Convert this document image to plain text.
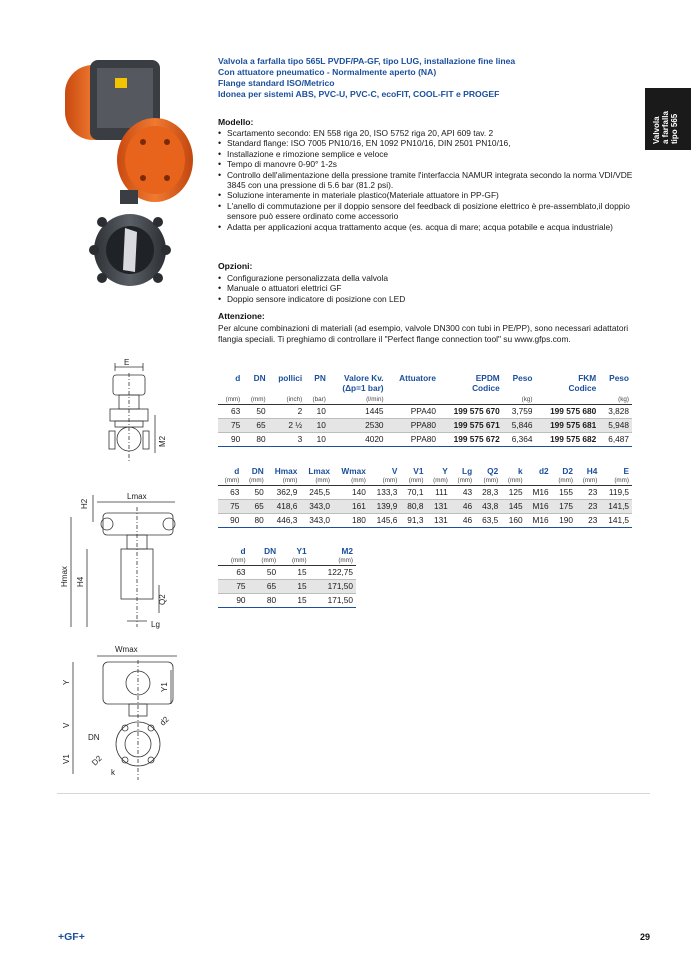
Valvola a farfalla tipo 565L PVDF/PA-GF, tipo LUG, installazione fine linea
Con attuatore pneumatico - Normalmente aperto (NA)
Flange standard ISO/Metrico
Idonea per sistemi ABS, PVC-U, PVC-C, ecoFIT, COOL-FIT e PROGEF
Valvola
a farfalla
tipo 565
Modello:
• Scartamento secondo: EN 558 riga 20, ISO 5752 riga 20, API 609 tav. 2
• Standard flange: ISO 7005 PN10/16, EN 1092 PN10/16, DIN 2501 PN10/16,
• Installazione e rimozione semplice e veloce
• Tempo di manovre 0-90° 1-2s
• Controllo dell'alimentazione della pressione tramite l'interfaccia NAMUR integrata secondo la norma VDI/VDE 3845 con una pressione di 5.6 bar (81.2 psi).
• Soluzione interamente in materiale plastico(Materiale attuatore in PP-GF)
• L'anello di commutazione per il doppio sensore del feedback di posizione elettrico è pre-assemblato,il doppio sensore può essere ordinato come accessorio
• Adatta per applicazioni acqua trattamento acque (es. acqua di mare; acqua potabile e acqua industriale)
Opzioni:
• Configurazione personalizzata della valvola
• Manuale o attuatori elettrici GF
• Doppio sensore indicatore di posizione con LED
Attenzione:
Per alcune combinazioni di materiali (ad esempio, valvole DN300 con tubi in PE/PP), sono necessari adattatori flangia speciali. Ti preghiamo di controllare il "Perfect flange connection tool" su www.gfps.com.
d	DN	pollici	PN	Valore Kv.	Attuatore	EPDM	Peso	FKM	Peso
				(Δp=1 bar)		Codice		Codice	
(mm)	(mm)	(inch)	(bar)	(l/min)			(kg)		(kg)
63	50	2	10	1445	PPA40	199 575 670	3,759	199 575 680	3,828
75	65	2 ½	10	2530	PPA80	199 575 671	5,846	199 575 681	5,948
90	80	3	10	4020	PPA80	199 575 672	6,364	199 575 682	6,487
d	DN	Hmax	Lmax	Wmax	V	V1	Y	Lg	Q2	k	d2	D2	H4	E
(mm)	(mm)	(mm)	(mm)	(mm)	(mm)	(mm)	(mm)	(mm)	(mm)	(mm)		(mm)	(mm)	(mm)
63	50	362,9	245,5	140	133,3	70,1	111	43	28,3	125	M16	155	23	119,5
75	65	418,6	343,0	161	139,9	80,8	131	46	43,8	145	M16	175	23	141,5
90	80	446,3	343,0	180	145,6	91,3	131	46	63,5	160	M16	190	23	141,5
d	DN	Y1	M2
(mm)	(mm)	(mm)	(mm)
63	50	15	122,75
75	65	15	171,50
90	80	15	171,50
E
M2
Lmax
H2
Hmax H4
Q2
Lg
Wmax
Y	Y1
V
V1
d2
DN
D2
k
+GF+	29
